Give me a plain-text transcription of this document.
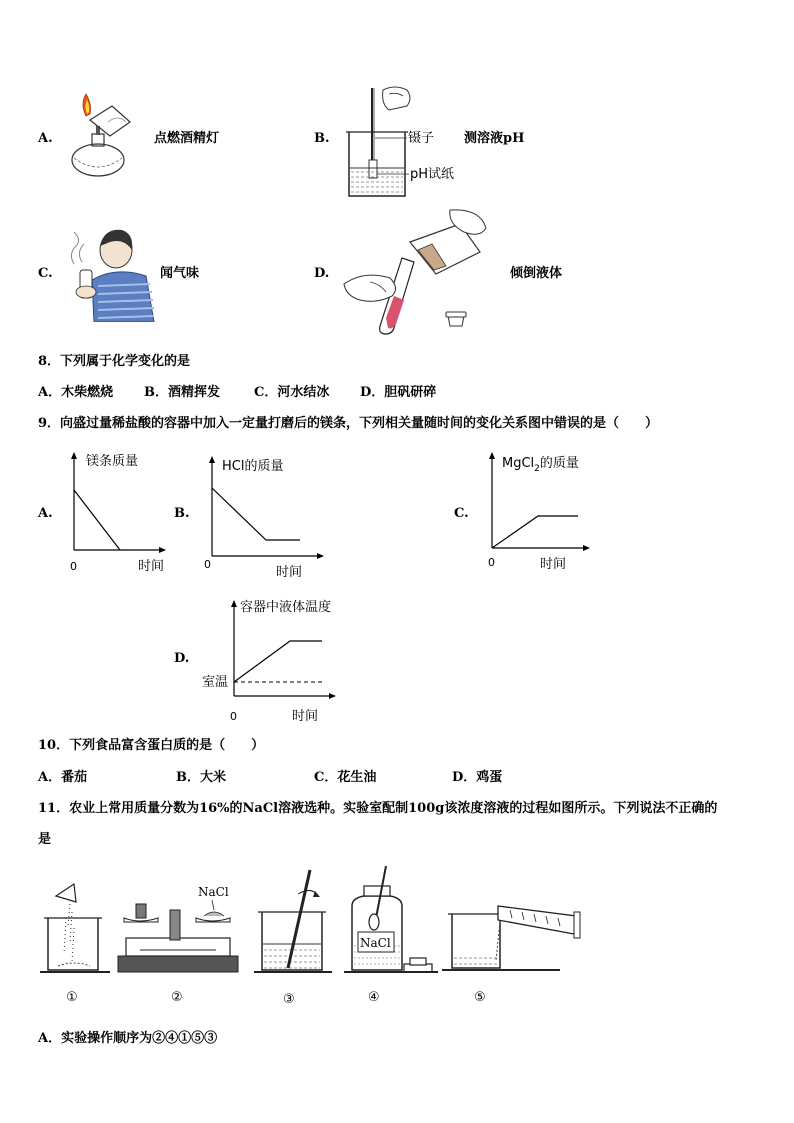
A.	点燃酒精灯	B.	镊子
pH试纸
测溶液pH
C.	闻气味	D.	倾倒液体
8．下列属于化学变化的是
A．木柴燃烧 B．酒精挥发	C．河水结冰 D．胆矾研碎
9．向盛过量稀盐酸的容器中加入一定量打磨后的镁条，下列相关量随时间的变化关系图中错误的是（　　）
A.
镁条质量
时间
0
B.
HCl的质量
时间
0
C.
MgCl$_2$的质量
时间
0
D.
容器中液体温度
室温
时间
0
10．下列食品富含蛋白质的是（　　）
A．番茄	B．大米	C．花生油	D．鸡蛋
11．农业上常用质量分数为16%的NaCl溶液选种。实验室配制100g该浓度溶液的过程如图所示。下列说法不正确的
是
NaCl
NaCl
①	②	③	④	⑤
A．实验操作顺序为②④①⑤③
